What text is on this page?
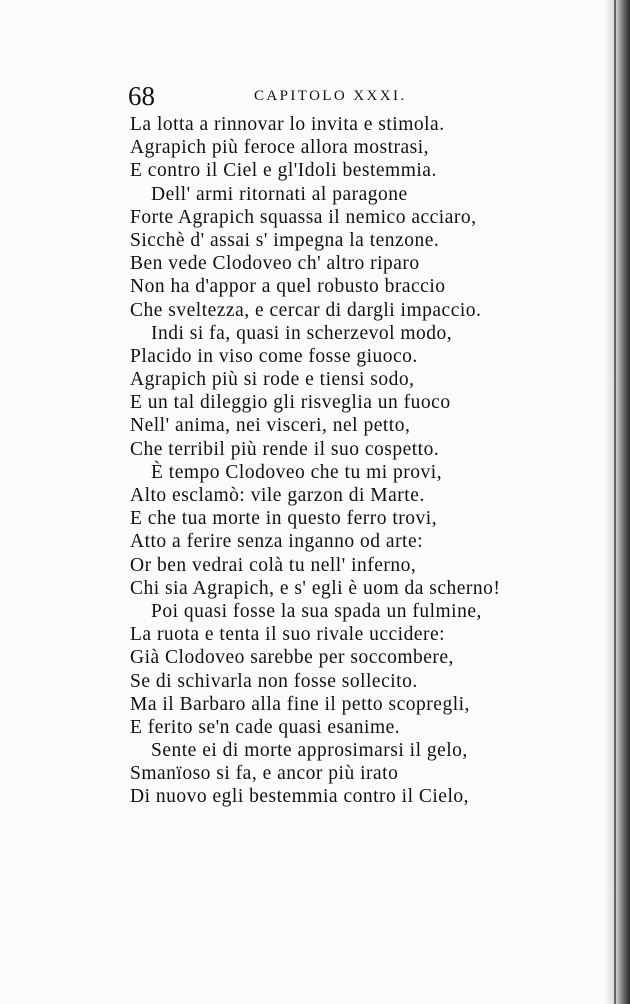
68	CAPITOLO XXXI.
La lotta a rinnovar lo invita e stimola.
Agrapich più feroce allora mostrasi,
E contro il Ciel e gl'Idoli bestemmia.
Dell' armi ritornati al paragone
Forte Agrapich squassa il nemico acciaro,
Sicchè d' assai s' impegna la tenzone.
Ben vede Clodoveo ch' altro riparo
Non ha d'appor a quel robusto braccio
Che sveltezza, e cercar di dargli impaccio.
Indi si fa, quasi in scherzevol modo,
Placido in viso come fosse giuoco.
Agrapich più si rode e tiensi sodo,
E un tal dileggio gli risveglia un fuoco
Nell' anima, nei visceri, nel petto,
Che terribil più rende il suo cospetto.
È tempo Clodoveo che tu mi provi,
Alto esclamò: vile garzon di Marte.
E che tua morte in questo ferro trovi,
Atto a ferire senza inganno od arte:
Or ben vedrai colà tu nell' inferno,
Chi sia Agrapich, e s' egli è uom da scherno!
Poi quasi fosse la sua spada un fulmine,
La ruota e tenta il suo rivale uccidere:
Già Clodoveo sarebbe per soccombere,
Se di schivarla non fosse sollecito.
Ma il Barbaro alla fine il petto scopregli,
E ferito se'n cade quasi esanime.
Sente ei di morte approsimarsi il gelo,
Smanïoso si fa, e ancor più irato
Di nuovo egli bestemmia contro il Cielo,
